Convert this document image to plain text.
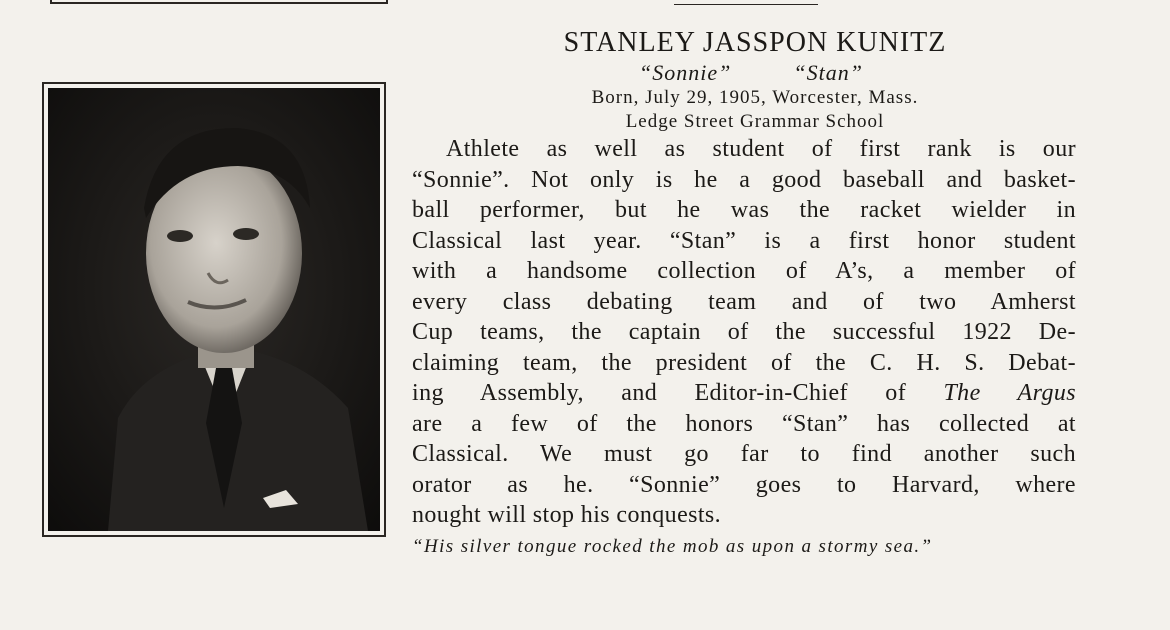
STANLEY JASSPON KUNITZ
“Sonnie”	“Stan”
Born, July 29, 1905, Worcester, Mass.
Ledge Street Grammar School
Athlete as well as student of first rank is our
“Sonnie”. Not only is he a good baseball and basket-
ball performer, but he was the racket wielder in
Classical last year. “Stan” is a first honor student
with a handsome collection of A’s, a member of
every class debating team and of two Amherst
Cup teams, the captain of the successful 1922 De-
claiming team, the president of the C. H. S. Debat-
ing Assembly, and Editor-in-Chief of The Argus
are a few of the honors “Stan” has collected at
Classical. We must go far to find another such
orator as he. “Sonnie” goes to Harvard, where
nought will stop his conquests.
“His silver tongue rocked the mob as upon a stormy sea.”
